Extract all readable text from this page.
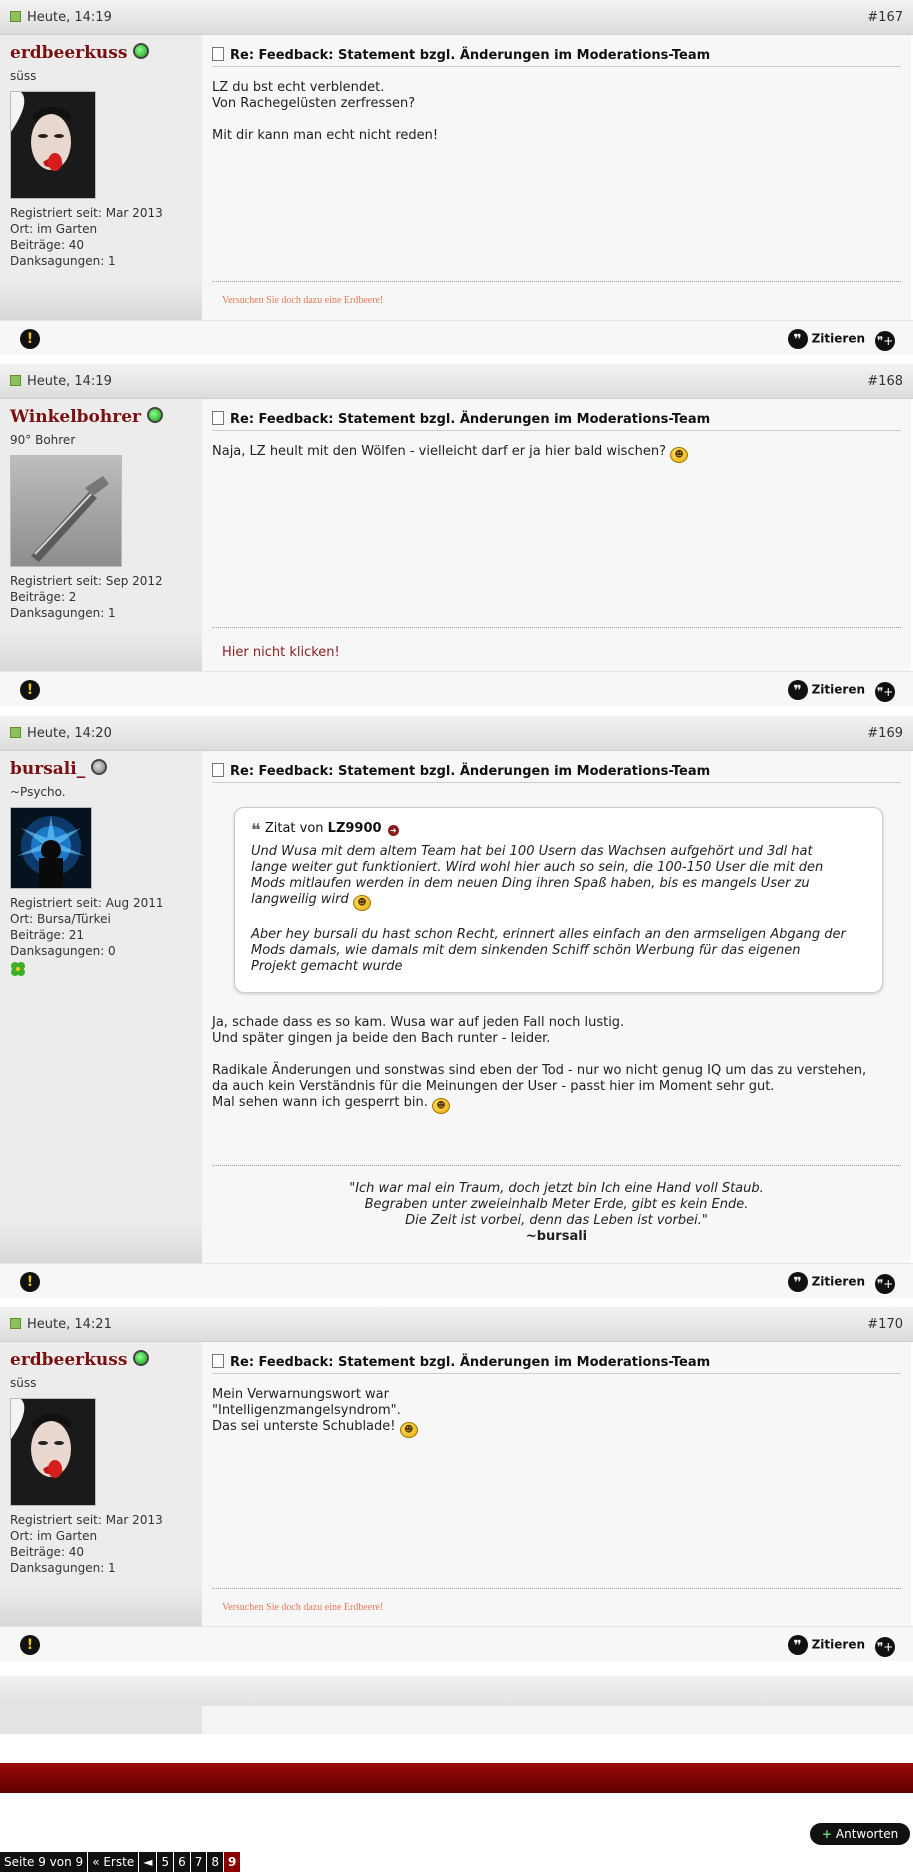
Heute, 14:19	#167
erdbeerkuss
süss
Registriert seit: Mar 2013
Ort: im Garten
Beiträge: 40
Danksagungen: 1
Re: Feedback: Statement bzgl. Änderungen im Moderations-Team
LZ du bst echt verblendet.
Von Rachegelüsten zerfressen?
Mit dir kann man echt nicht reden!
Versuchen Sie doch dazu eine Erdbeere!
!	❞ Zitieren ❞+
Heute, 14:19	#168
Winkelbohrer
90° Bohrer
Registriert seit: Sep 2012
Beiträge: 2
Danksagungen: 1
Re: Feedback: Statement bzgl. Änderungen im Moderations-Team
Naja, LZ heult mit den Wölfen - vielleicht darf er ja hier bald wischen? ☻
Hier nicht klicken!
!	❞ Zitieren ❞+
Heute, 14:20	#169
bursali_
~Psycho.
Registriert seit: Aug 2011
Ort: Bursa/Türkei
Beiträge: 21
Danksagungen: 0
Re: Feedback: Statement bzgl. Änderungen im Moderations-Team
❝ Zitat von LZ9900 ➜
Und Wusa mit dem altem Team hat bei 100 Usern das Wachsen aufgehört und 3dl hat
lange weiter gut funktioniert. Wird wohl hier auch so sein, die 100-150 User die mit den
Mods mitlaufen werden in dem neuen Ding ihren Spaß haben, bis es mangels User zu
langweilig wird ☻
Aber hey bursali du hast schon Recht, erinnert alles einfach an den armseligen Abgang der
Mods damals, wie damals mit dem sinkenden Schiff schön Werbung für das eigenen
Projekt gemacht wurde
Ja, schade dass es so kam. Wusa war auf jeden Fall noch lustig.
Und später gingen ja beide den Bach runter - leider.
Radikale Änderungen und sonstwas sind eben der Tod - nur wo nicht genug IQ um das zu verstehen,
da auch kein Verständnis für die Meinungen der User - passt hier im Moment sehr gut.
Mal sehen wann ich gesperrt bin. ☻
"Ich war mal ein Traum, doch jetzt bin Ich eine Hand voll Staub.
Begraben unter zweieinhalb Meter Erde, gibt es kein Ende.
Die Zeit ist vorbei, denn das Leben ist vorbei."
~bursali
!	❞ Zitieren ❞+
Heute, 14:21	#170
erdbeerkuss
süss
Registriert seit: Mar 2013
Ort: im Garten
Beiträge: 40
Danksagungen: 1
Re: Feedback: Statement bzgl. Änderungen im Moderations-Team
Mein Verwarnungswort war
"Intelligenzmangelsyndrom".
Das sei unterste Schublade! ☻
Versuchen Sie doch dazu eine Erdbeere!
!	❞ Zitieren ❞+
+ Antworten
Seite 9 von 9 « Erste ◄ 5 6 7 8 9
